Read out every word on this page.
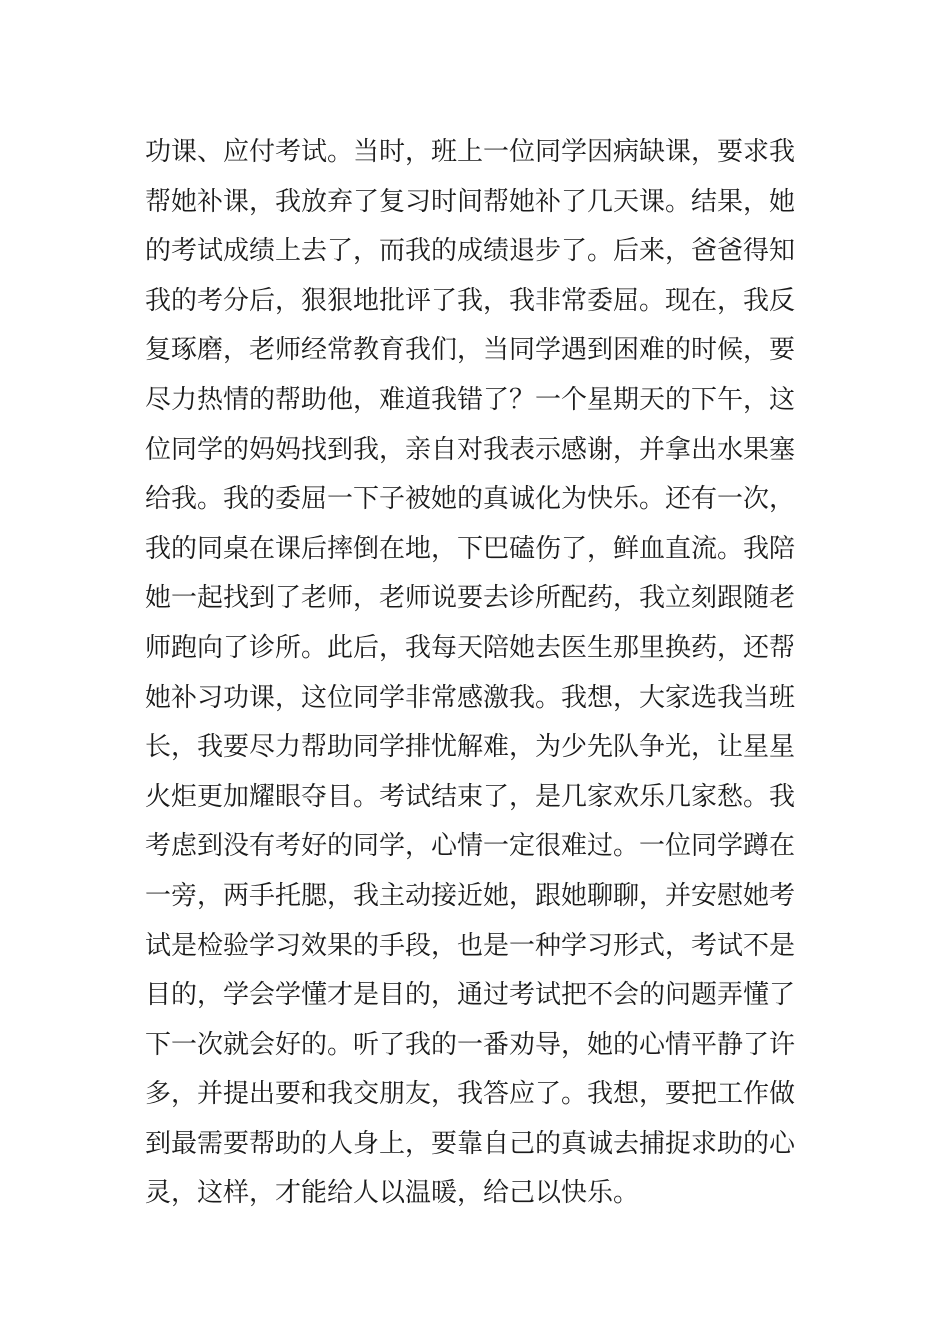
功课、应付考试。当时，班上一位同学因病缺课，要求我
帮她补课，我放弃了复习时间帮她补了几天课。结果，她
的考试成绩上去了，而我的成绩退步了。后来，爸爸得知
我的考分后，狠狠地批评了我，我非常委屈。现在，我反
复琢磨，老师经常教育我们，当同学遇到困难的时候，要
尽力热情的帮助他，难道我错了？一个星期天的下午，这
位同学的妈妈找到我，亲自对我表示感谢，并拿出水果塞
给我。我的委屈一下子被她的真诚化为快乐。还有一次，
我的同桌在课后摔倒在地，下巴磕伤了，鲜血直流。我陪
她一起找到了老师，老师说要去诊所配药，我立刻跟随老
师跑向了诊所。此后，我每天陪她去医生那里换药，还帮
她补习功课，这位同学非常感激我。我想，大家选我当班
长，我要尽力帮助同学排忧解难，为少先队争光，让星星
火炬更加耀眼夺目。考试结束了，是几家欢乐几家愁。我
考虑到没有考好的同学，心情一定很难过。一位同学蹲在
一旁，两手托腮，我主动接近她，跟她聊聊，并安慰她考
试是检验学习效果的手段，也是一种学习形式，考试不是
目的，学会学懂才是目的，通过考试把不会的问题弄懂了
下一次就会好的。听了我的一番劝导，她的心情平静了许
多，并提出要和我交朋友，我答应了。我想，要把工作做
到最需要帮助的人身上，要靠自己的真诚去捕捉求助的心
灵，这样，才能给人以温暖，给己以快乐。
